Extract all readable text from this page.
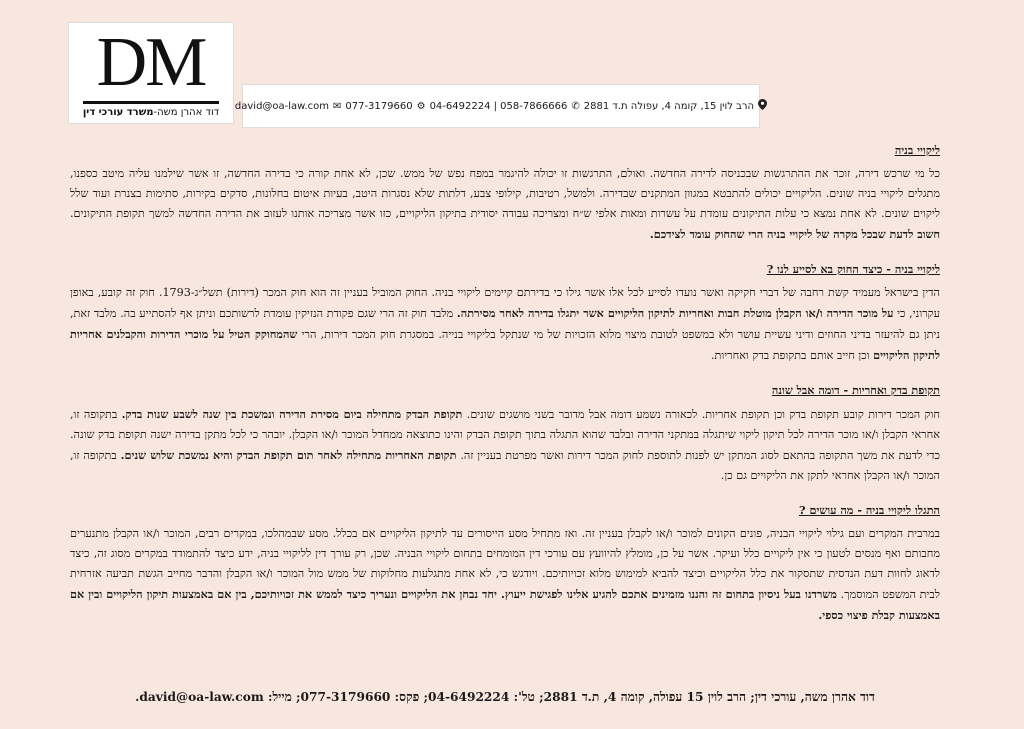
DM
דוד אהרן משה-משרד עורכי דין
הרב לוין 15, קומה 4, עפולה ת.ד 2881
✆
04-6492224 | 058-7866666
⚙
077-3179660
✉
david@oa-law.com

ליקויי בניה

כל מי שרכש דירה, זוכר את ההתרגשות שבכניסה לדירה החדשה. ואולם, התרגשות זו יכולה להיגמר במפח נפש של ממש. שכן, לא אחת קורה כי בדירה החדשה, זו אשר שילמנו עליה מיטב כספנו, מתגלים ליקויי בניה שונים. הליקויים יכולים להתבטא במגוון המתקנים שבדירה. ולמשל, רטיבות, קילופי צבע, דלתות שלא נסגרות היטב, בעיות איטום בחלונות, סדקים בקירות, סתימות בצנרת ועוד שלל ליקוים שונים. לא אחת נמצא כי עלות התיקונים עומדת על עשרות ומאות אלפי ש״ח ומצריכה עבודה יסודית בתיקון הליקויים, כזו אשר מצריכה אותנו לעזוב את הדירה החדשה למשך תקופת התיקונים. חשוב לדעת שבכל מקרה של ליקויי בניה הרי שהחוק עומד לצידכם.

ליקויי בניה - כיצד החוק בא לסייע לנו ?

הדין בישראל מעמיד קשת רחבה של דברי חקיקה ואשר נועדו לסייע לכל אלו אשר גילו כי בדירתם קיימים ליקויי בניה. החוק המוביל בעניין זה הוא חוק המכר (דירות) תשל״ג-1793. חוק זה קובע, באופן עקרוני, כי על מוכר הדירה ו/או הקבלן מוטלת חבות ואחריות לתיקון הליקויים אשר יתגלו בדירה לאחר מסירתה. מלבד חוק זה הרי שגם פקודת הנזיקין עומדת לרשותכם וניתן אף להסתייע בה. מלבד זאת, ניתן גם להיעזר בדיני החוזים ודיני עשיית עושר ולא במשפט לטובת מיצוי מלוא הזכויות של מי שנתקל בליקויי בנייה. במסגרת חוק המכר דירות, הרי שהמחוקק הטיל על מוכרי הדירות והקבלנים אחריות לתיקון הליקויים וכן חייב אותם בתקופת בדק ואחריות.

תקופת בדק ואחריות - דומה אבל שונה

חוק המכר דירות קובע תקופת בדק וכן תקופת אחריות. לכאורה נשמע דומה אבל מדובר בשני מושגים שונים. תקופת הבדק מתחילה ביום מסירת הדירה ונמשכת בין שנה לשבע שנות בדק. בתקופה זו, אחראי הקבלן ו/או מוכר הדירה לכל תיקון ליקוי שיתגלה במתקני הדירה ובלבד שהוא התגלה בתוך תקופת הבדק והינו כתוצאה ממחדל המוכר ו/או הקבלן. יובהר כי לכל מתקן בדירה ישנה תקופת בדק שונה. כדי לדעת את משך התקופה בהתאם לסוג המתקן יש לפנות לתוספת לחוק המכר דירות ואשר מפרטת בעניין זה. תקופת האחריות מתחילה לאחר תום תקופת הבדק והיא נמשכת שלוש שנים. בתקופה זו, המוכר ו/או הקבלן אחראי לתקן את הליקויים גם כן.

התגלו ליקויי בניה - מה עושים ?

במרבית המקרים ועם גילוי ליקויי הבניה, פונים הקונים למוכר ו/או לקבלן בעניין זה. ואז מתחיל מסע הייסורים עד לתיקון הליקויים אם בכלל. מסע שבמהלכו, במקרים רבים, המוכר ו/או הקבלן מתנערים מחבותם ואף מנסים לטעון כי אין ליקויים כלל ועיקר. אשר על כן, מומלץ להיוועץ עם עורכי דין המומחים בתחום ליקויי הבניה. שכן, רק עורך דין לליקויי בניה, ידע כיצד להתמודד במקרים מסוג זה, כיצד לדאוג לחוות דעת הנדסית שתסקור את כלל הליקויים וכיצד להביא למימוש מלוא זכויותיכם. ויודגש כי, לא אחת מתגלעות מחלוקות של ממש מול המוכר ו/או הקבלן והדבר מחייב הגשת תביעה אזרחית לבית המשפט המוסמך. משרדנו בעל ניסיון בתחום זה והננו מזמינים אתכם להגיע אלינו לפגישת ייעוץ. יחד נבחן את הליקויים ונעריך כיצד לממש את זכויותיכם, בין אם באמצעות תיקון הליקויים ובין אם באמצעות קבלת פיצוי כספי.

דוד אהרן משה, עורכי דין; הרב לוין 15 עפולה, קומה 4, ת.ד 2881; טל': 04-6492224; פקס: 077-3179660; מייל: david@oa-law.com.
